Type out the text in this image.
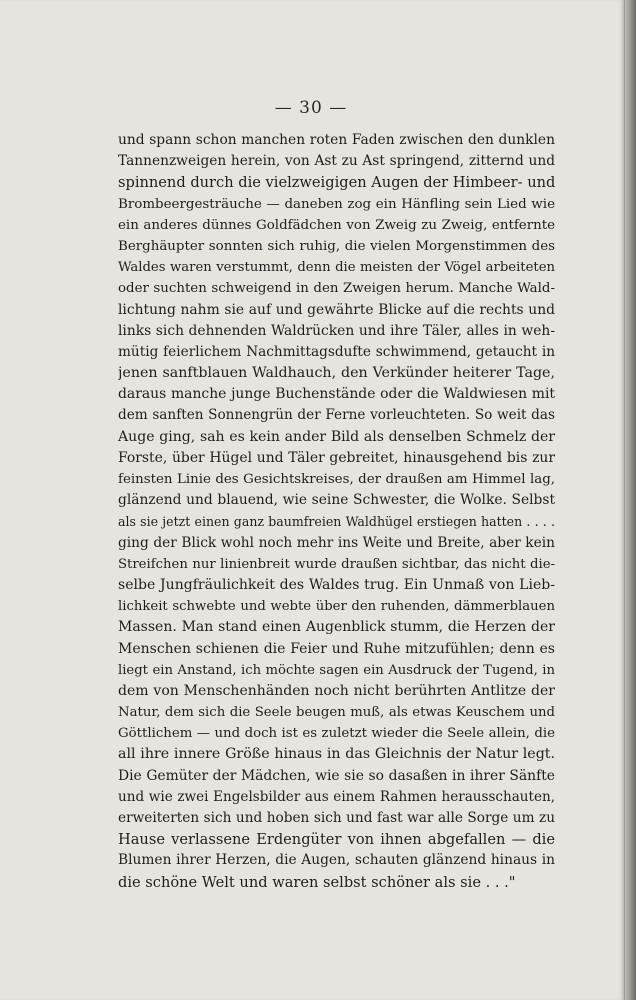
— 30 —
und spann schon manchen roten Faden zwischen den dunklen
Tannenzweigen herein, von Ast zu Ast springend, zitternd und
spinnend durch die vielzweigigen Augen der Himbeer- und
Brombeergesträuche — daneben zog ein Hänfling sein Lied wie
ein anderes dünnes Goldfädchen von Zweig zu Zweig, entfernte
Berghäupter sonnten sich ruhig, die vielen Morgenstimmen des
Waldes waren verstummt, denn die meisten der Vögel arbeiteten
oder suchten schweigend in den Zweigen herum. Manche Wald-
lichtung nahm sie auf und gewährte Blicke auf die rechts und
links sich dehnenden Waldrücken und ihre Täler, alles in weh-
mütig feierlichem Nachmittagsdufte schwimmend, getaucht in
jenen sanftblauen Waldhauch, den Verkünder heiterer Tage,
daraus manche junge Buchenstände oder die Waldwiesen mit
dem sanften Sonnengrün der Ferne vorleuchteten. So weit das
Auge ging, sah es kein ander Bild als denselben Schmelz der
Forste, über Hügel und Täler gebreitet, hinausgehend bis zur
feinsten Linie des Gesichtskreises, der draußen am Himmel lag,
glänzend und blauend, wie seine Schwester, die Wolke. Selbst
als sie jetzt einen ganz baumfreien Waldhügel erstiegen hatten . . . .
ging der Blick wohl noch mehr ins Weite und Breite, aber kein
Streifchen nur linienbreit wurde draußen sichtbar, das nicht die-
selbe Jungfräulichkeit des Waldes trug. Ein Unmaß von Lieb-
lichkeit schwebte und webte über den ruhenden, dämmerblauen
Massen. Man stand einen Augenblick stumm, die Herzen der
Menschen schienen die Feier und Ruhe mitzufühlen; denn es
liegt ein Anstand, ich möchte sagen ein Ausdruck der Tugend, in
dem von Menschenhänden noch nicht berührten Antlitze der
Natur, dem sich die Seele beugen muß, als etwas Keuschem und
Göttlichem — und doch ist es zuletzt wieder die Seele allein, die
all ihre innere Größe hinaus in das Gleichnis der Natur legt.
Die Gemüter der Mädchen, wie sie so dasaßen in ihrer Sänfte
und wie zwei Engelsbilder aus einem Rahmen herausschauten,
erweiterten sich und hoben sich und fast war alle Sorge um zu
Hause verlassene Erdengüter von ihnen abgefallen — die
Blumen ihrer Herzen, die Augen, schauten glänzend hinaus in
die schöne Welt und waren selbst schöner als sie . . ."
